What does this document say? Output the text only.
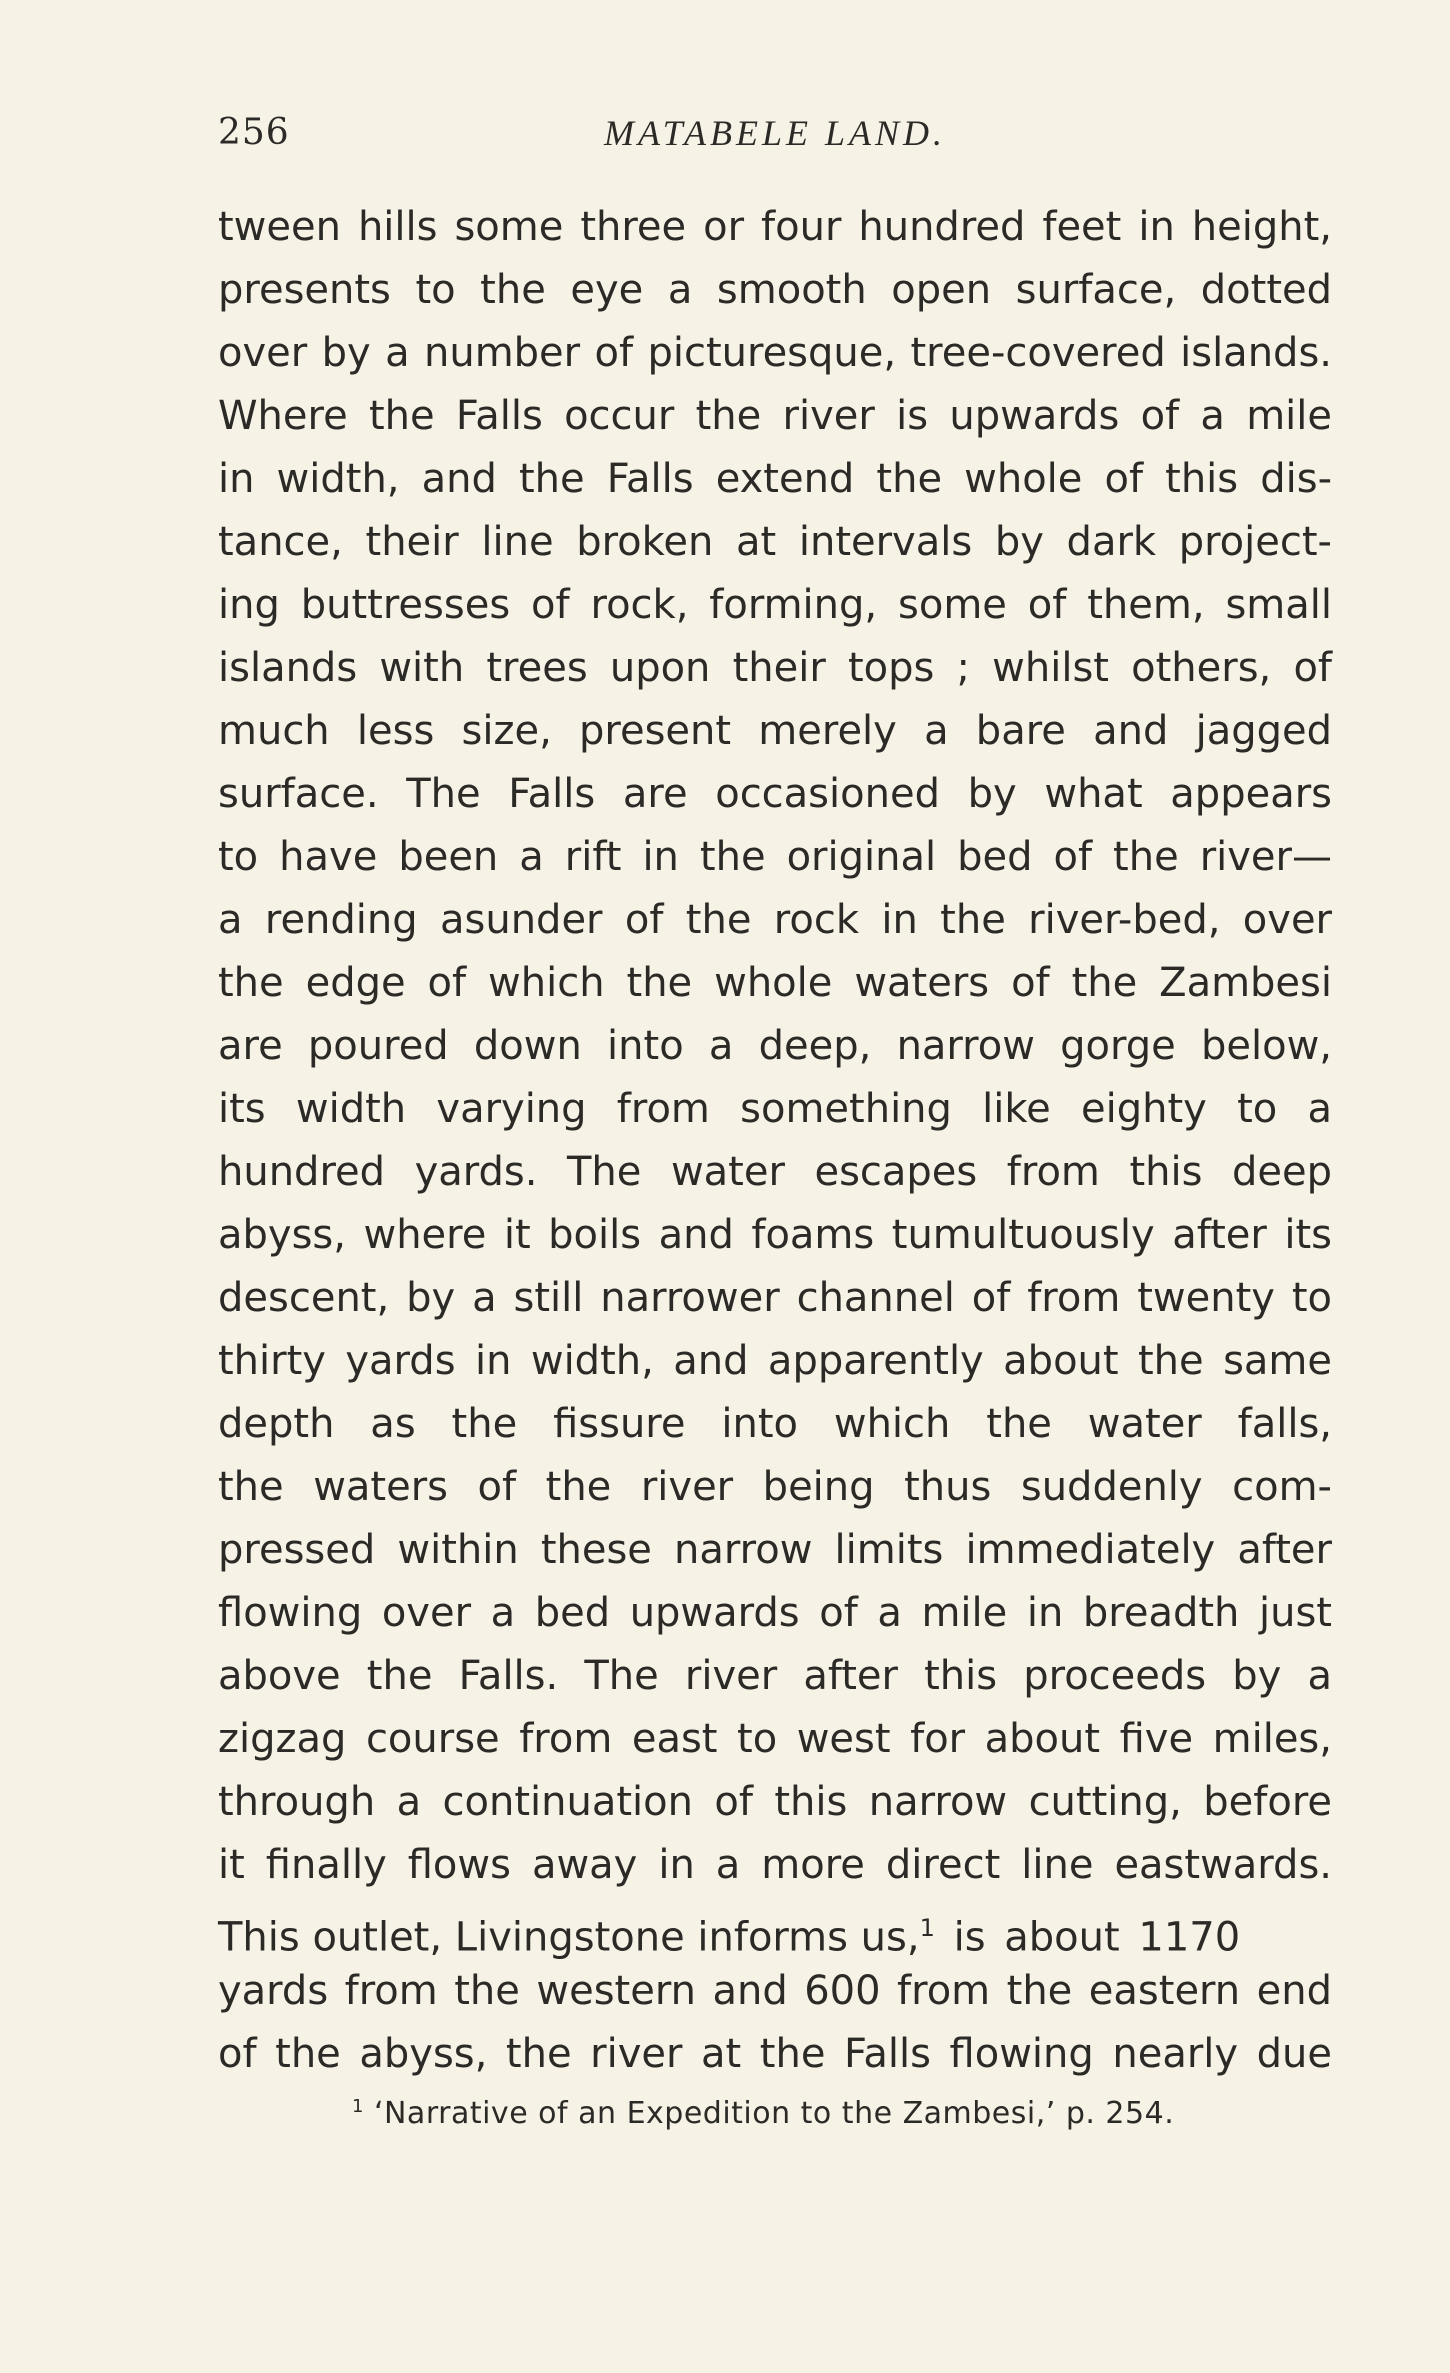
256	MATABELE LAND.
tween hills some three or four hundred feet in height,
presents to the eye a smooth open surface, dotted
over by a number of picturesque, tree-covered islands.
Where the Falls occur the river is upwards of a mile
in width, and the Falls extend the whole of this dis-
tance, their line broken at intervals by dark project-
ing buttresses of rock, forming, some of them, small
islands with trees upon their tops ; whilst others, of
much less size, present merely a bare and jagged
surface. The Falls are occasioned by what appears
to have been a rift in the original bed of the river—
a rending asunder of the rock in the river-bed, over
the edge of which the whole waters of the Zambesi
are poured down into a deep, narrow gorge below,
its width varying from something like eighty to a
hundred yards. The water escapes from this deep
abyss, where it boils and foams tumultuously after its
descent, by a still narrower channel of from twenty to
thirty yards in width, and apparently about the same
depth as the fissure into which the water falls,
the waters of the river being thus suddenly com-
pressed within these narrow limits immediately after
flowing over a bed upwards of a mile in breadth just
above the Falls. The river after this proceeds by a
zigzag course from east to west for about five miles,
through a continuation of this narrow cutting, before
it finally flows away in a more direct line eastwards.
This outlet, Livingstone informs us,$^1$ is about 1170
yards from the western and 600 from the eastern end
of the abyss, the river at the Falls flowing nearly due
$^1$ ‘Narrative of an Expedition to the Zambesi,’ p. 254.
